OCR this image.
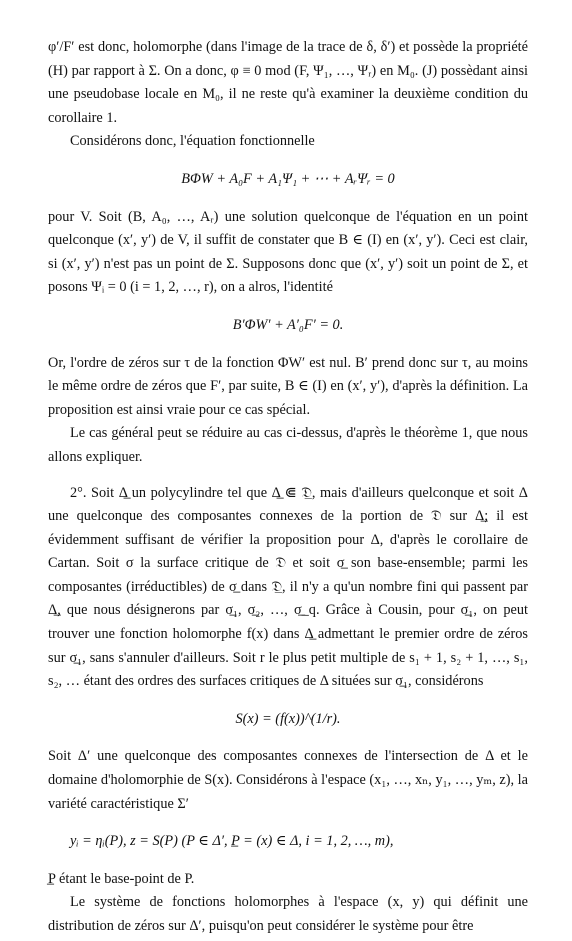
φ′/F′ est donc, holomorphe (dans l'image de la trace de δ, δ′) et possède la propriété (H) par rapport à Σ. On a donc, φ ≡ 0 mod (F, Ψ₁, …, Ψᵣ) en M₀. (J) possèdant ainsi une pseudobase locale en M₀, il ne reste qu'à examiner la deuxième condition du corollaire 1.

Considérons donc, l'équation fonctionnelle

BΦW + A₀F + A₁Ψ₁ + ⋯ + AᵣΨᵣ = 0

pour V. Soit (B, A₀, …, Aᵣ) une solution quelconque de l'équation en un point quelconque (x′, y′) de V, il suffit de constater que B ∈ (I) en (x′, y′). Ceci est clair, si (x′, y′) n'est pas un point de Σ. Supposons donc que (x′, y′) soit un point de Σ, et posons Ψᵢ = 0 (i = 1, 2, …, r), on a alros, l'identité

B′ΦW′ + A′₀F′ = 0.

Or, l'ordre de zéros sur τ de la fonction ΦW′ est nul. B′ prend donc sur τ, au moins le même ordre de zéros que F′, par suite, B ∈ (I) en (x′, y′), d'après la définition. La proposition est ainsi vraie pour ce cas spécial.

Le cas général peut se réduire au cas ci-dessus, d'après le théorème 1, que nous allons expliquer.

2°. Soit Δ̲ un polycylindre tel que Δ̲ ⋐ 𝔇̲, mais d'ailleurs quelconque et soit Δ une quelconque des composantes connexes de la portion de 𝔇 sur Δ̲; il est évidemment suffisant de vérifier la proposition pour Δ, d'après le corollaire de Cartan. Soit σ la surface critique de 𝔇 et soit σ̲ son base-ensemble; parmi les composantes (irréductibles) de σ̲ dans 𝔇̲, il n'y a qu'un nombre fini qui passent par Δ̲, que nous désignerons par σ̲₁, σ̲₂, …, σ̲_q. Grâce à Cousin, pour σ̲₁, on peut trouver une fonction holomorphe f(x) dans Δ̲ admettant le premier ordre de zéros sur σ̲₁, sans s'annuler d'ailleurs. Soit r le plus petit multiple de s₁ + 1, s₂ + 1, …, s₁, s₂, … étant des ordres des surfaces critiques de Δ situées sur σ̲₁, considérons

S(x) = (f(x))^(1/r).

Soit Δ′ une quelconque des composantes connexes de l'intersection de Δ et le domaine d'holomorphie de S(x). Considérons à l'espace (x₁, …, xₙ, y₁, …, yₘ, z), la variété caractéristique Σ′

yᵢ = ηᵢ(P), z = S(P) (P ∈ Δ′, P̲ = (x) ∈ Δ, i = 1, 2, …, m),

P̲ étant le base-point de P.

Le système de fonctions holomorphes à l'espace (x, y) qui définit une distribution de zéros sur Δ′, puisqu'on peut considérer le système pour être
